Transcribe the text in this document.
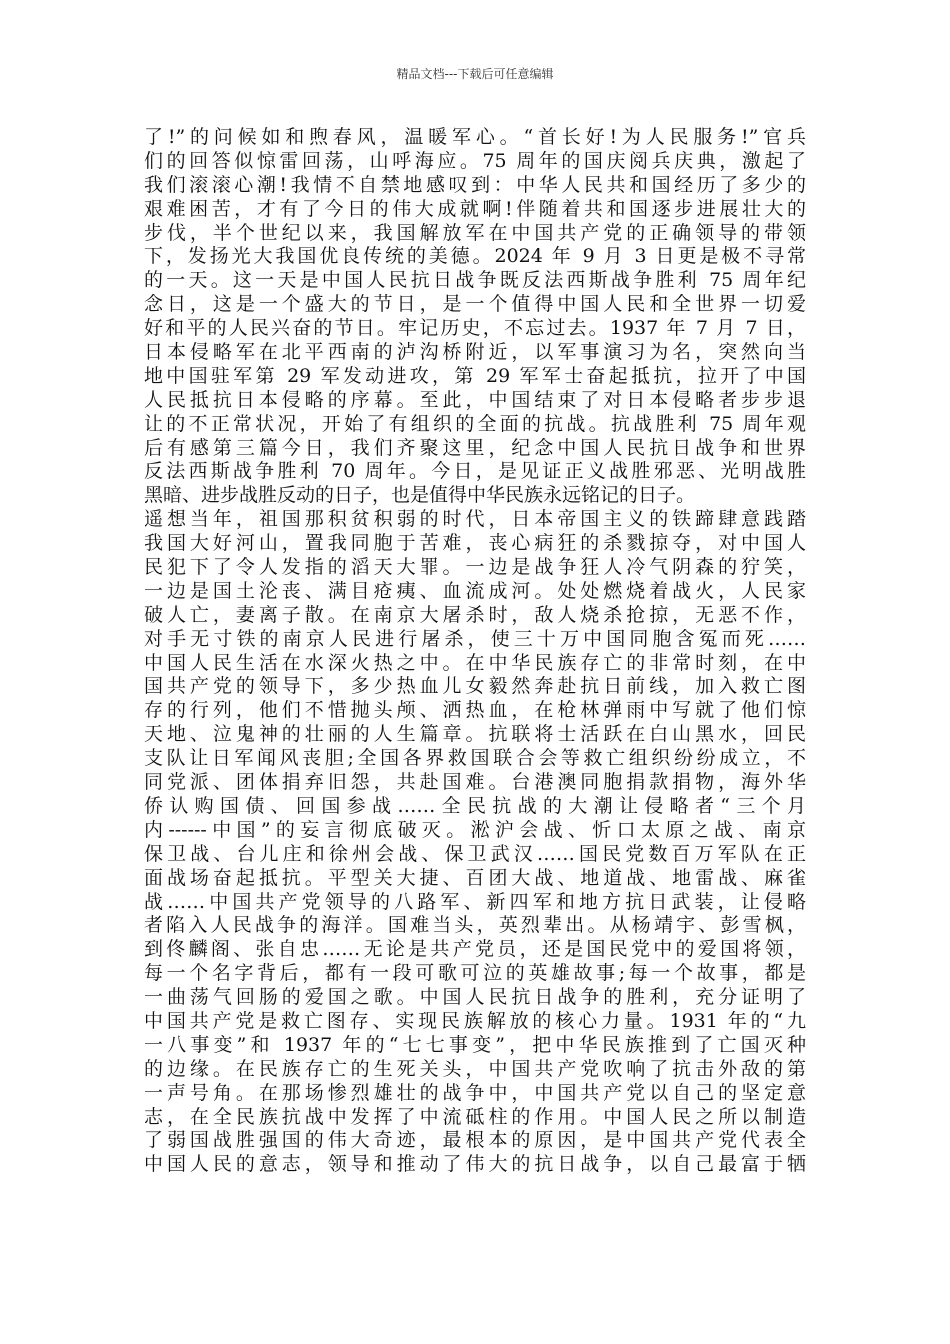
精品文档---下载后可任意编辑
了!”的问候如和煦春风，温暖军心。“首长好!为人民服务!”官兵
们的回答似惊雷回荡，山呼海应。75 周年的国庆阅兵庆典，激起了
我们滚滚心潮!我情不自禁地感叹到：中华人民共和国经历了多少的
艰难困苦，才有了今日的伟大成就啊!伴随着共和国逐步进展壮大的
步伐，半个世纪以来，我国解放军在中国共产党的正确领导的带领
下，发扬光大我国优良传统的美德。2024 年 9 月 3 日更是极不寻常
的一天。这一天是中国人民抗日战争既反法西斯战争胜利 75 周年纪
念日，这是一个盛大的节日，是一个值得中国人民和全世界一切爱
好和平的人民兴奋的节日。牢记历史，不忘过去。1937 年 7 月 7 日，
日本侵略军在北平西南的泸沟桥附近，以军事演习为名，突然向当
地中国驻军第 29 军发动进攻，第 29 军军士奋起抵抗，拉开了中国
人民抵抗日本侵略的序幕。至此，中国结束了对日本侵略者步步退
让的不正常状况，开始了有组织的全面的抗战。抗战胜利 75 周年观
后有感第三篇今日，我们齐聚这里，纪念中国人民抗日战争和世界
反法西斯战争胜利 70 周年。今日，是见证正义战胜邪恶、光明战胜
黑暗、进步战胜反动的日子，也是值得中华民族永远铭记的日子。
遥想当年，祖国那积贫积弱的时代，日本帝国主义的铁蹄肆意践踏
我国大好河山，置我同胞于苦难，丧心病狂的杀戮掠夺，对中国人
民犯下了令人发指的滔天大罪。一边是战争狂人冷气阴森的狞笑，
一边是国土沦丧、满目疮痍、血流成河。处处燃烧着战火，人民家
破人亡，妻离子散。在南京大屠杀时，敌人烧杀抢掠，无恶不作，
对手无寸铁的南京人民进行屠杀，使三十万中国同胞含冤而死……
中国人民生活在水深火热之中。在中华民族存亡的非常时刻，在中
国共产党的领导下，多少热血儿女毅然奔赴抗日前线，加入救亡图
存的行列，他们不惜抛头颅、洒热血，在枪林弹雨中写就了他们惊
天地、泣鬼神的壮丽的人生篇章。抗联将士活跃在白山黑水，回民
支队让日军闻风丧胆;全国各界救国联合会等救亡组织纷纷成立，不
同党派、团体捐弃旧怨，共赴国难。台港澳同胞捐款捐物，海外华
侨认购国债、回国参战……全民抗战的大潮让侵略者“三个月
内------中国”的妄言彻底破灭。淞沪会战、忻口太原之战、南京
保卫战、台儿庄和徐州会战、保卫武汉……国民党数百万军队在正
面战场奋起抵抗。平型关大捷、百团大战、地道战、地雷战、麻雀
战……中国共产党领导的八路军、新四军和地方抗日武装，让侵略
者陷入人民战争的海洋。国难当头，英烈辈出。从杨靖宇、彭雪枫，
到佟麟阁、张自忠……无论是共产党员，还是国民党中的爱国将领，
每一个名字背后，都有一段可歌可泣的英雄故事;每一个故事，都是
一曲荡气回肠的爱国之歌。中国人民抗日战争的胜利，充分证明了
中国共产党是救亡图存、实现民族解放的核心力量。1931 年的“九
一八事变”和 1937 年的“七七事变”，把中华民族推到了亡国灭种
的边缘。在民族存亡的生死关头，中国共产党吹响了抗击外敌的第
一声号角。在那场惨烈雄壮的战争中，中国共产党以自己的坚定意
志，在全民族抗战中发挥了中流砥柱的作用。中国人民之所以制造
了弱国战胜强国的伟大奇迹，最根本的原因，是中国共产党代表全
中国人民的意志，领导和推动了伟大的抗日战争，以自己最富于牺
